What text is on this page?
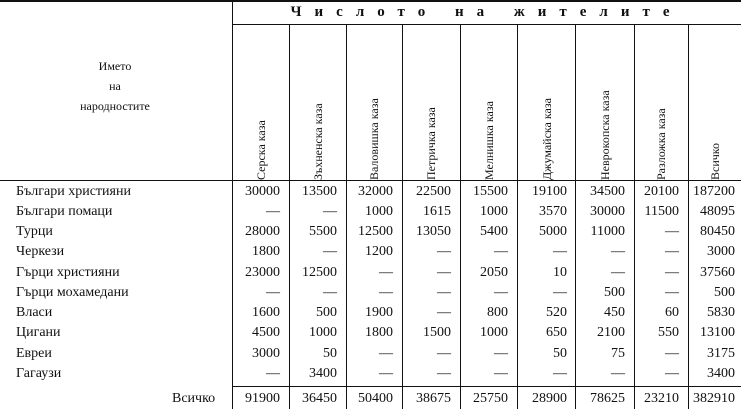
Числото на жителите
Името
на
народностите
Серска каза	Зъхненска каза	Валовишка каза	Петричка каза	Мелнишка каза	Джумайска каза	Неврокопска каза	Разложка каза	Всичко
Българи християни	30000 13500 32000 22500 15500 19100 34500 20100 187200
Българи помаци	—	— 1000 1615 1000 3570 30000 11500 48095
Турци	28000 5500 12500 13050 5400 5000 11000	— 80450
Черкези	1800	— 1200	—	—	—	—	— 3000
Гърци християни	23000 12500	—	— 2050	10	—	— 37560
Гърци мохамедани	—	—	—	—	—	—	500	—	500
Власи	1600	500 1900	—	800	520	450	60 5830
Цигани	4500 1000 1800 1500 1000	650 2100 550 13100
Евреи	3000	50	—	—	—	50	75	— 3175
Гагаузи	— 3400	—	—	—	—	—	— 3400
Всичко 91900 36450 50400 38675 25750 28900 78625 23210 382910
